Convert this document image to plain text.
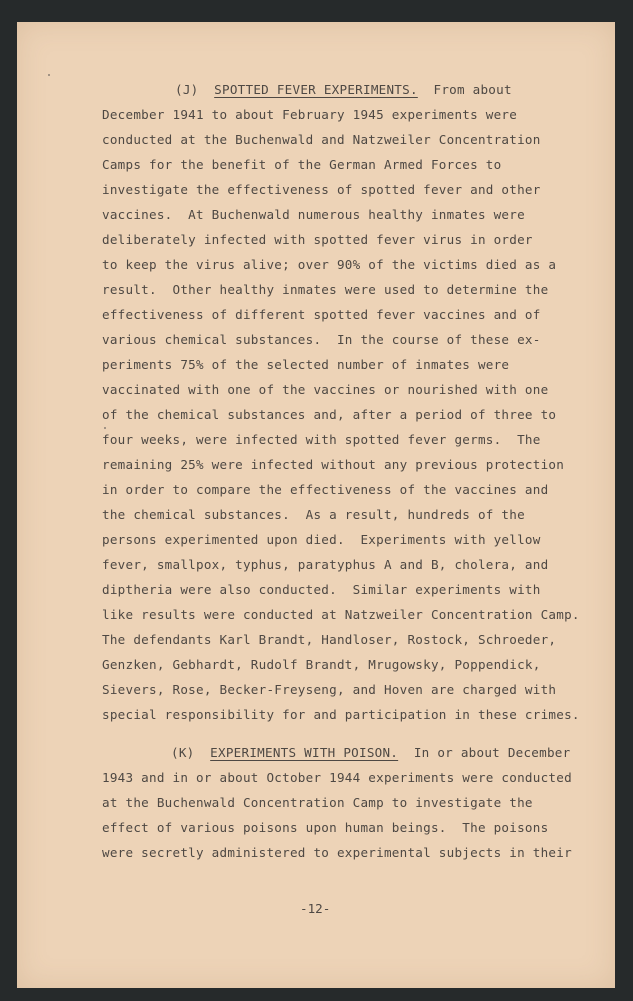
(J) SPOTTED FEVER EXPERIMENTS. From about
December 1941 to about February 1945 experiments were
conducted at the Buchenwald and Natzweiler Concentration
Camps for the benefit of the German Armed Forces to
investigate the effectiveness of spotted fever and other
vaccines.  At Buchenwald numerous healthy inmates were
deliberately infected with spotted fever virus in order
to keep the virus alive; over 90% of the victims died as a
result.  Other healthy inmates were used to determine the
effectiveness of different spotted fever vaccines and of
various chemical substances.  In the course of these ex-
periments 75% of the selected number of inmates were
vaccinated with one of the vaccines or nourished with one
of the chemical substances and, after a period of three to
four weeks, were infected with spotted fever germs.  The
remaining 25% were infected without any previous protection
in order to compare the effectiveness of the vaccines and
the chemical substances.  As a result, hundreds of the
persons experimented upon died.  Experiments with yellow
fever, smallpox, typhus, paratyphus A and B, cholera, and
diptheria were also conducted.  Similar experiments with
like results were conducted at Natzweiler Concentration Camp.
The defendants Karl Brandt, Handloser, Rostock, Schroeder,
Genzken, Gebhardt, Rudolf Brandt, Mrugowsky, Poppendick,
Sievers, Rose, Becker-Freyseng, and Hoven are charged with
special responsibility for and participation in these crimes.
(K) EXPERIMENTS WITH POISON. In or about December
1943 and in or about October 1944 experiments were conducted
at the Buchenwald Concentration Camp to investigate the
effect of various poisons upon human beings.  The poisons
were secretly administered to experimental subjects in their
-12-
